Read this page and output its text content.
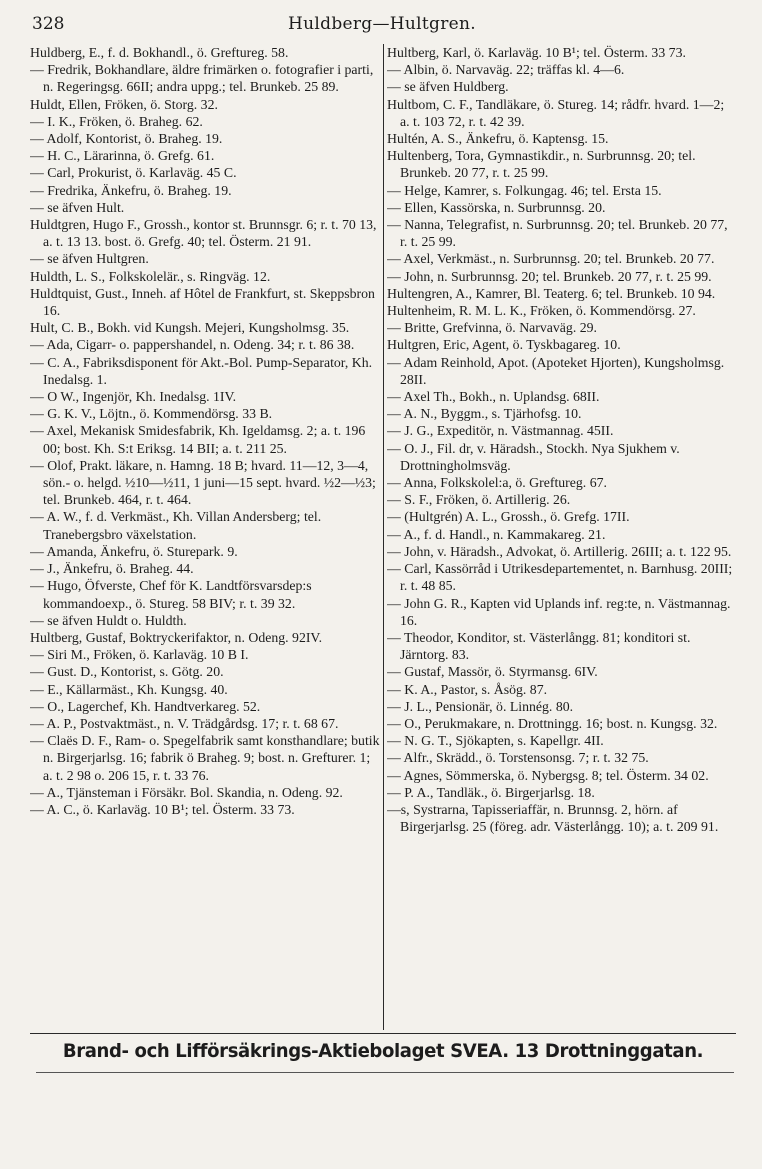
328	Huldberg—Hultgren.
Huldberg, E., f. d. Bokhandl., ö. Greftureg. 58.
— Fredrik, Bokhandlare, äldre frimärken o. fotografier i parti, n. Regeringsg. 66II; andra uppg.; tel. Brunkeb. 25 89.
Huldt, Ellen, Fröken, ö. Storg. 32.
— I. K., Fröken, ö. Braheg. 62.
— Adolf, Kontorist, ö. Braheg. 19.
— H. C., Lärarinna, ö. Grefg. 61.
— Carl, Prokurist, ö. Karlaväg. 45 C.
— Fredrika, Änkefru, ö. Braheg. 19.
— se äfven Hult.
Huldtgren, Hugo F., Grossh., kontor st. Brunnsgr. 6; r. t. 70 13, a. t. 13 13. bost. ö. Grefg. 40; tel. Österm. 21 91.
— se äfven Hultgren.
Huldth, L. S., Folkskolelär., s. Ringväg. 12.
Huldtquist, Gust., Inneh. af Hôtel de Frankfurt, st. Skeppsbron 16.
Hult, C. B., Bokh. vid Kungsh. Mejeri, Kungsholmsg. 35.
— Ada, Cigarr- o. pappershandel, n. Odeng. 34; r. t. 86 38.
— C. A., Fabriksdisponent för Akt.-Bol. Pump-Separator, Kh. Inedalsg. 1.
— O W., Ingenjör, Kh. Inedalsg. 1IV.
— G. K. V., Löjtn., ö. Kommendörsg. 33 B.
— Axel, Mekanisk Smidesfabrik, Kh. Igeldamsg. 2; a. t. 196 00; bost. Kh. S:t Eriksg. 14 BII; a. t. 211 25.
— Olof, Prakt. läkare, n. Hamng. 18 B; hvard. 11—12, 3—4, sön.- o. helgd. ½10—½11, 1 juni—15 sept. hvard. ½2—½3; tel. Brunkeb. 464, r. t. 464.
— A. W., f. d. Verkmäst., Kh. Villan Andersberg; tel. Tranebergsbro växelstation.
— Amanda, Änkefru, ö. Sturepark. 9.
— J., Änkefru, ö. Braheg. 44.
— Hugo, Öfverste, Chef för K. Landtförsvarsdep:s kommandoexp., ö. Stureg. 58 BIV; r. t. 39 32.
— se äfven Huldt o. Huldth.
Hultberg, Gustaf, Boktryckerifaktor, n. Odeng. 92IV.
— Siri M., Fröken, ö. Karlaväg. 10 B I.
— Gust. D., Kontorist, s. Götg. 20.
— E., Källarmäst., Kh. Kungsg. 40.
— O., Lagerchef, Kh. Handtverkareg. 52.
— A. P., Postvaktmäst., n. V. Trädgårdsg. 17; r. t. 68 67.
— Claës D. F., Ram- o. Spegelfabrik samt konsthandlare; butik n. Birgerjarlsg. 16; fabrik ö Braheg. 9; bost. n. Grefturег. 1; a. t. 2 98 o. 206 15, r. t. 33 76.
— A., Tjänsteman i Försäkr. Bol. Skandia, n. Odeng. 92.
— A. C., ö. Karlaväg. 10 B¹; tel. Österm. 33 73.
Hultberg, Karl, ö. Karlaväg. 10 B¹; tel. Österm. 33 73.
— Albin, ö. Narvaväg. 22; träffas kl. 4—6.
— se äfven Huldberg.
Hultbom, C. F., Tandläkare, ö. Stureg. 14; rådfr. hvard. 1—2; a. t. 103 72, r. t. 42 39.
Hultén, A. S., Änkefru, ö. Kaptensg. 15.
Hultenberg, Tora, Gymnastikdir., n. Surbrunnsg. 20; tel. Brunkeb. 20 77, r. t. 25 99.
— Helge, Kamrer, s. Folkungag. 46; tel. Ersta 15.
— Ellen, Kassörska, n. Surbrunnsg. 20.
— Nanna, Telegrafist, n. Surbrunnsg. 20; tel. Brunkeb. 20 77, r. t. 25 99.
— Axel, Verkmäst., n. Surbrunnsg. 20; tel. Brunkeb. 20 77.
— John, n. Surbrunnsg. 20; tel. Brunkeb. 20 77, r. t. 25 99.
Hultengren, A., Kamrer, Bl. Teaterg. 6; tel. Brunkeb. 10 94.
Hultenheim, R. M. L. K., Fröken, ö. Kommendörsg. 27.
— Britte, Grefvinna, ö. Narvaväg. 29.
Hultgren, Eric, Agent, ö. Tyskbagareg. 10.
— Adam Reinhold, Apot. (Apoteket Hjorten), Kungsholmsg. 28II.
— Axel Th., Bokh., n. Uplandsg. 68II.
— A. N., Byggm., s. Tjärhofsg. 10.
— J. G., Expeditör, n. Västmannag. 45II.
— O. J., Fil. dr, v. Häradsh., Stockh. Nya Sjukhem v. Drottningholmsväg.
— Anna, Folkskolel:a, ö. Greftureg. 67.
— S. F., Fröken, ö. Artillerig. 26.
— (Hultgrén) A. L., Grossh., ö. Grefg. 17II.
— A., f. d. Handl., n. Kammakareg. 21.
— John, v. Häradsh., Advokat, ö. Artillerig. 26III; a. t. 122 95.
— Carl, Kassörråd i Utrikesdepartementet, n. Barnhusg. 20III; r. t. 48 85.
— John G. R., Kapten vid Uplands inf. reg:te, n. Västmannag. 16.
— Theodor, Konditor, st. Västerlångg. 81; konditori st. Järntorg. 83.
— Gustaf, Massör, ö. Styrmansg. 6IV.
— K. A., Pastor, s. Åsög. 87.
— J. L., Pensionär, ö. Linnég. 80.
— O., Perukmakare, n. Drottningg. 16; bost. n. Kungsg. 32.
— N. G. T., Sjökapten, s. Kapellgr. 4II.
— Alfr., Skrädd., ö. Torstensonsg. 7; r. t. 32 75.
— Agnes, Sömmerska, ö. Nybergsg. 8; tel. Österm. 34 02.
— P. A., Tandläk., ö. Birgerjarlsg. 18.
—s, Systrarna, Tapisseriaffär, n. Brunnsg. 2, hörn. af Birgerjarlsg. 25 (föreg. adr. Västerlångg. 10); a. t. 209 91.
Brand- och Lifförsäkrings-Aktiebolaget SVEA. 13 Drottninggatan.
